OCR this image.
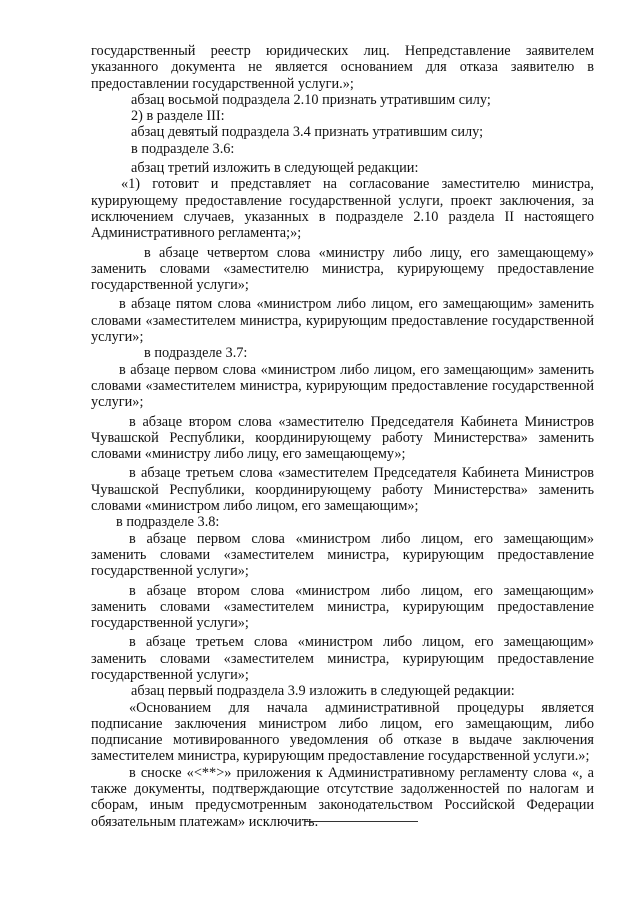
государственный реестр юридических лиц. Непредставление заявителем указанного документа не является основанием для отказа заявителю в предоставлении государственной услуги.»;

абзац восьмой подраздела 2.10 признать утратившим силу;

2) в разделе III:

абзац девятый подраздела 3.4 признать утратившим силу;

в подразделе 3.6:

абзац третий изложить в следующей редакции:

«1) готовит и представляет на согласование заместителю министра, курирующему предоставление государственной услуги, проект заключения, за исключением случаев, указанных в подразделе 2.10 раздела II настоящего Административного регламента;»;

в абзаце четвертом слова «министру либо лицу, его замещающему» заменить словами «заместителю министра, курирующему предоставление государственной услуги»;

в абзаце пятом слова «министром либо лицом, его замещающим» заменить словами «заместителем министра, курирующим предоставление государственной услуги»;

в подразделе 3.7:

в абзаце первом слова «министром либо лицом, его замещающим» заменить словами «заместителем министра, курирующим предоставление государственной услуги»;

в абзаце втором слова «заместителю Председателя Кабинета Министров Чувашской Республики, координирующему работу Министерства» заменить словами «министру либо лицу, его замещающему»;

в абзаце третьем слова «заместителем Председателя Кабинета Министров Чувашской Республики, координирующему работу Министерства» заменить словами «министром либо лицом, его замещающим»;

в подразделе 3.8:

в абзаце первом слова «министром либо лицом, его замещающим» заменить словами «заместителем министра, курирующим предоставление государственной услуги»;

в абзаце втором слова «министром либо лицом, его замещающим» заменить словами «заместителем министра, курирующим предоставление государственной услуги»;

в абзаце третьем слова «министром либо лицом, его замещающим» заменить словами «заместителем министра, курирующим предоставление государственной услуги»;

абзац первый подраздела 3.9 изложить в следующей редакции:

«Основанием для начала административной процедуры является подписание заключения министром либо лицом, его замещающим, либо подписание мотивированного уведомления об отказе в выдаче заключения заместителем министра, курирующим предоставление государственной услуги.»;

в сноске «<**>» приложения к Административному регламенту слова «, а также документы, подтверждающие отсутствие задолженностей по налогам и сборам, иным предусмотренным законодательством Российской Федерации обязательным платежам» исключить.
